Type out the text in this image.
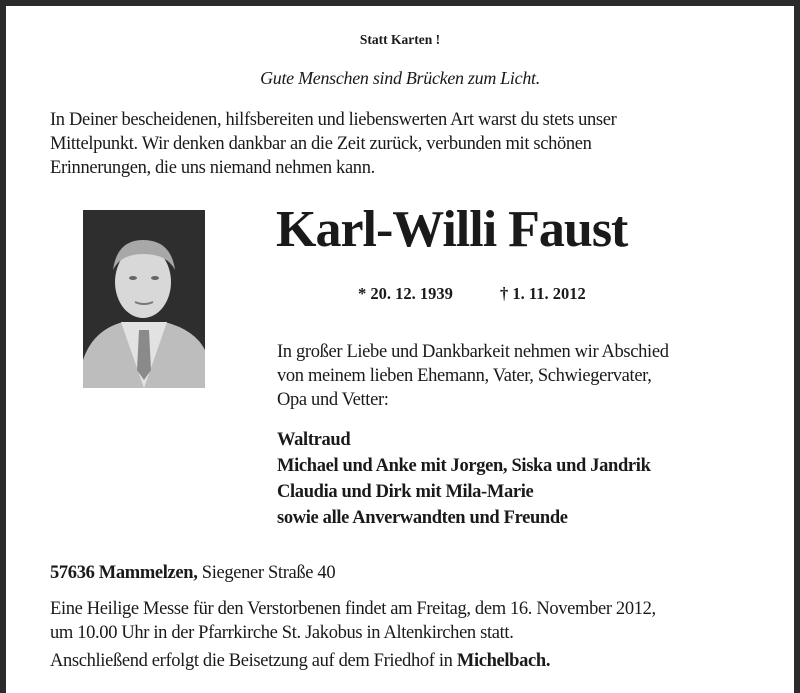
Statt Karten !
Gute Menschen sind Brücken zum Licht.
In Deiner bescheidenen, hilfsbereiten und liebenswerten Art warst du stets unser
Mittelpunkt. Wir denken dankbar an die Zeit zurück, verbunden mit schönen
Erinnerungen, die uns niemand nehmen kann.
Karl-Willi Faust
* 20. 12. 1939	† 1. 11. 2012
In großer Liebe und Dankbarkeit nehmen wir Abschied
von meinem lieben Ehemann, Vater, Schwiegervater,
Opa und Vetter:
Waltraud
Michael und Anke mit Jorgen, Siska und Jandrik
Claudia und Dirk mit Mila-Marie
sowie alle Anverwandten und Freunde
57636 Mammelzen, Siegener Straße 40
Eine Heilige Messe für den Verstorbenen findet am Freitag, dem 16. November 2012,
um 10.00 Uhr in der Pfarrkirche St. Jakobus in Altenkirchen statt.
Anschließend erfolgt die Beisetzung auf dem Friedhof in Michelbach.
